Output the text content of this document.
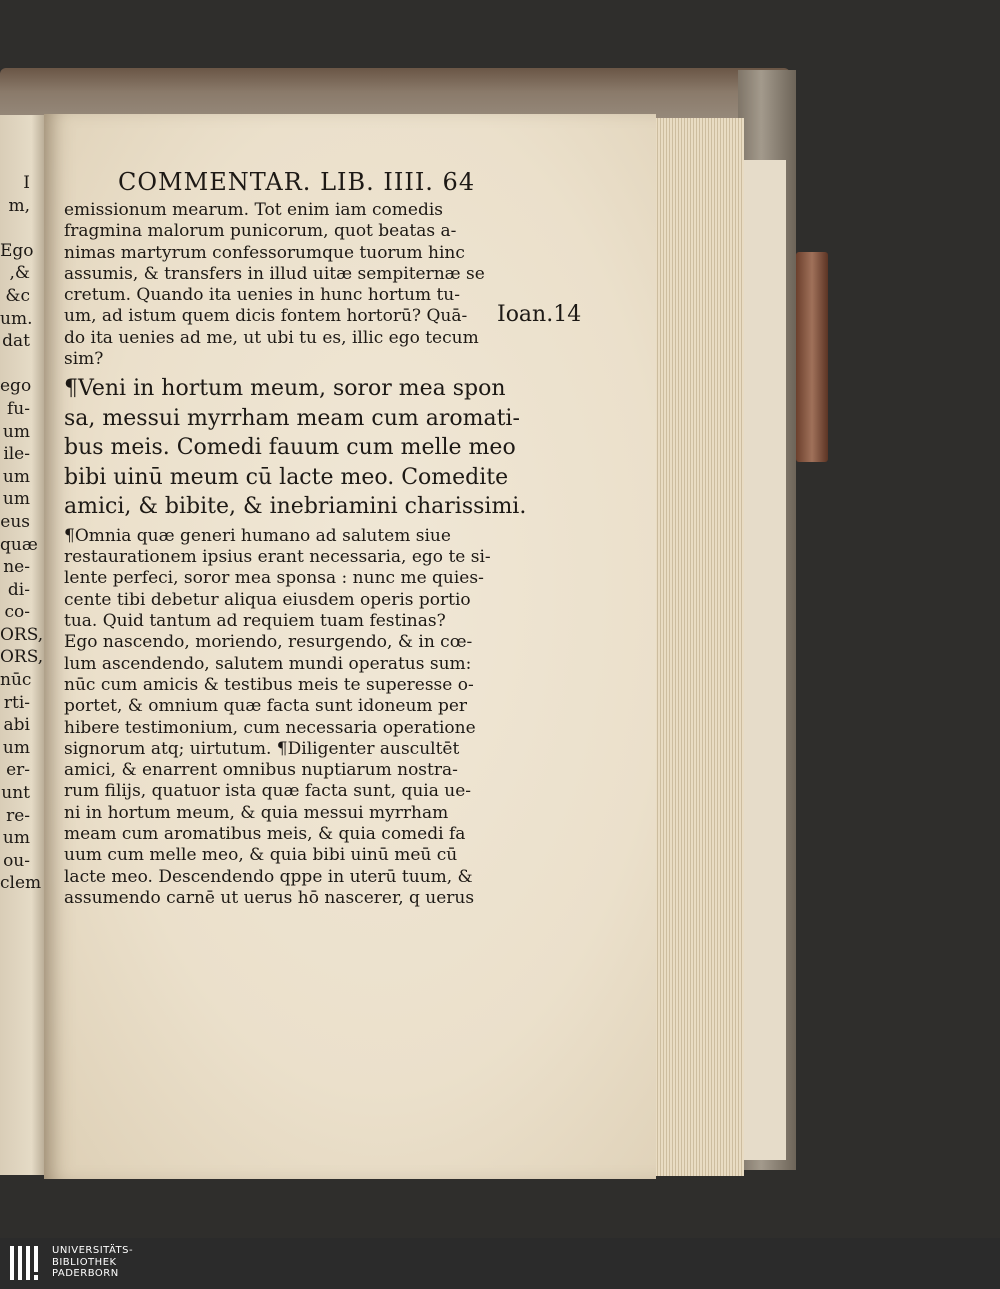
I
m,

Ego
,&
&c
um.
dat

ego
fu-
um
ile-
um
um
eus
quæ
ne-
di-
co-
ORS,
ORS,
nūc
rti-
abi
um
er-
unt
re-
um
ou-
clem
COMMENTAR. LIB. IIII. 64
Ioan.14
emissionum mearum. Tot enim iam comedis
fragmina malorum punicorum, quot beatas a-
nimas martyrum confessorumque tuorum hinc
assumis, & transfers in illud uitæ sempiternæ se
cretum. Quando ita uenies in hunc hortum tu-
um, ad istum quem dicis fontem hortorū? Quā-
do ita uenies ad me, ut ubi tu es, illic ego tecum
sim?
¶Veni in hortum meum, soror mea spon
sa, messui myrrham meam cum aromati-
bus meis. Comedi fauum cum melle meo
bibi uinū meum cū lacte meo. Comedite
amici, & bibite, & inebriamini charissimi.
¶Omnia quæ generi humano ad salutem siue
restaurationem ipsius erant necessaria, ego te si-
lente perfeci, soror mea sponsa : nunc me quies-
cente tibi debetur aliqua eiusdem operis portio
tua. Quid tantum ad requiem tuam festinas?
Ego nascendo, moriendo, resurgendo, & in cœ-
lum ascendendo, salutem mundi operatus sum:
nūc cum amicis & testibus meis te superesse o-
portet, & omnium quæ facta sunt idoneum per
hibere testimonium, cum necessaria operatione
signorum atq; uirtutum. ¶Diligenter auscultēt
amici, & enarrent omnibus nuptiarum nostra-
rum filijs, quatuor ista quæ facta sunt, quia ue-
ni in hortum meum, & quia messui myrrham
meam cum aromatibus meis, & quia comedi fa
uum cum melle meo, & quia bibi uinū meū cū
lacte meo. Descendendo qppe in uterū tuum, &
assumendo carnē ut uerus hō nascerer, q uerus
UNIVERSITÄTS-
BIBLIOTHEK
PADERBORN
